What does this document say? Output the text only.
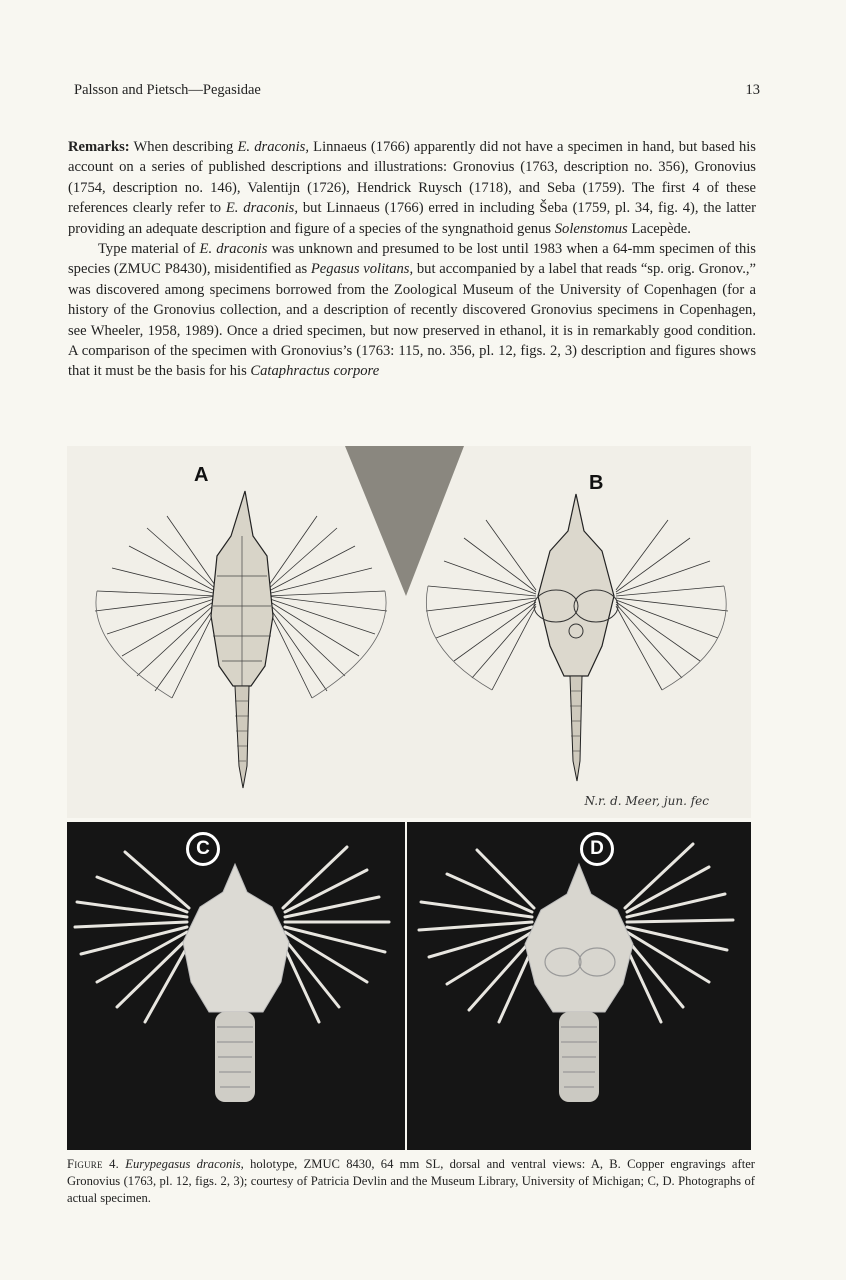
Palsson and Pietsch—Pegasidae	13

Remarks: When describing E. draconis, Linnaeus (1766) apparently did not have a specimen in hand, but based his account on a series of published descriptions and illustrations: Gronovius (1763, description no. 356), Gronovius (1754, description no. 146), Valentijn (1726), Hendrick Ruysch (1718), and Seba (1759). The first 4 of these references clearly refer to E. draconis, but Linnaeus (1766) erred in including Šeba (1759, pl. 34, fig. 4), the latter providing an adequate description and figure of a species of the syngnathoid genus Solenstomus Lacepède.

Type material of E. draconis was unknown and presumed to be lost until 1983 when a 64-mm specimen of this species (ZMUC P8430), misidentified as Pegasus volitans, but accompanied by a label that reads “sp. orig. Gronov.,” was discovered among specimens borrowed from the Zoological Museum of the University of Copenhagen (for a history of the Gronovius collection, and a description of recently discovered Gronovius specimens in Copenhagen, see Wheeler, 1958, 1989). Once a dried specimen, but now preserved in ethanol, it is in remarkably good condition. A comparison of the specimen with Gronovius’s (1763: 115, no. 356, pl. 12, figs. 2, 3) description and figures shows that it must be the basis for his Cataphractus corpore

A	B
N.r. d. Meer, jun. fec
C	D
Figure 4. Eurypegasus draconis, holotype, ZMUC 8430, 64 mm SL, dorsal and ventral views: A, B. Copper engravings after Gronovius (1763, pl. 12, figs. 2, 3); courtesy of Patricia Devlin and the Museum Library, University of Michigan; C, D. Photographs of actual specimen.
